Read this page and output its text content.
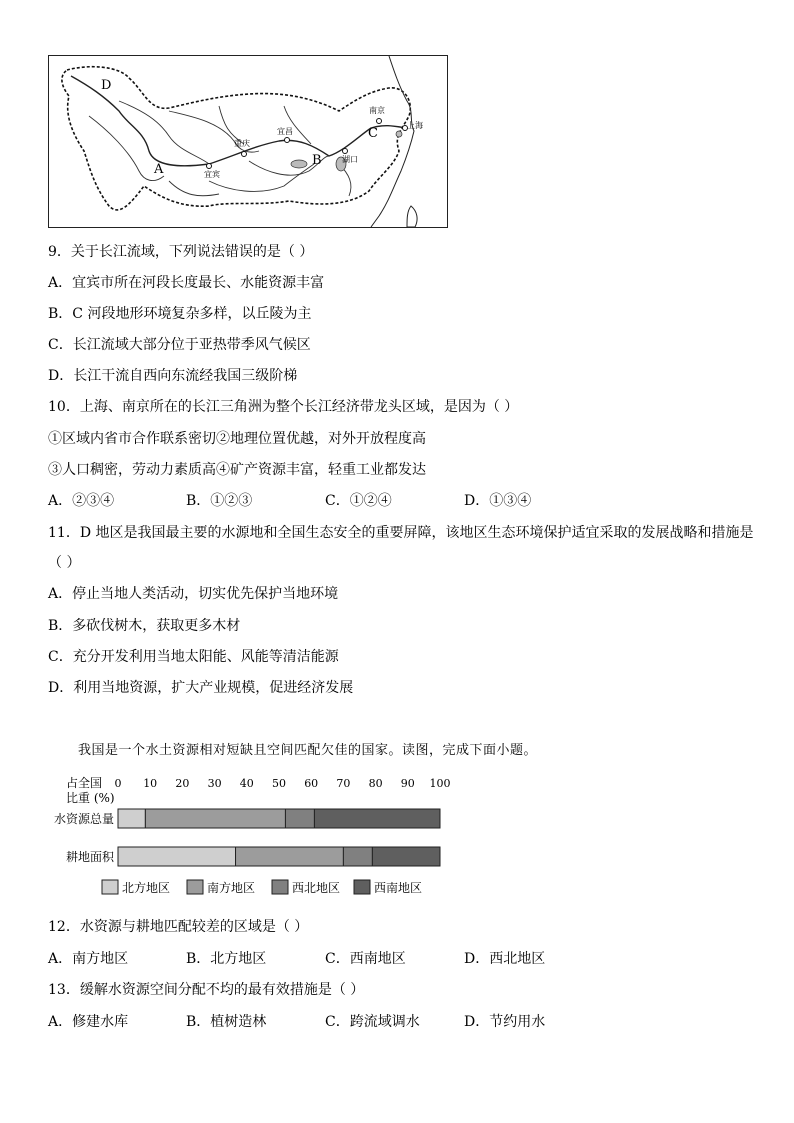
D
A
B
C
南京
上海
宜昌
重庆
宜宾
湖口
9．关于长江流域，下列说法错误的是（ ）
A．宜宾市所在河段长度最长、水能资源丰富
B．C 河段地形环境复杂多样，以丘陵为主
C．长江流域大部分位于亚热带季风气候区
D．长江干流自西向东流经我国三级阶梯
10．上海、南京所在的长江三角洲为整个长江经济带龙头区域，是因为（ ）
①区域内省市合作联系密切②地理位置优越，对外开放程度高
③人口稠密，劳动力素质高④矿产资源丰富，轻重工业都发达
A．②③④	B．①②③	C．①②④	D．①③④
11．D 地区是我国最主要的水源地和全国生态安全的重要屏障，该地区生态环境保护适宜采取的发展战略和措施是
（ ）
A．停止当地人类活动，切实优先保护当地环境
B．多砍伐树木，获取更多木材
C．充分开发利用当地太阳能、风能等清洁能源
D．利用当地资源，扩大产业规模，促进经济发展
我国是一个水土资源相对短缺且空间匹配欠佳的国家。读图，完成下面小题。
占全国
比重 (%)
0 10 20 30 40 50 60 70 80 90 100
水资源总量
耕地面积
北方地区	南方地区	西北地区	西南地区
12．水资源与耕地匹配较差的区域是（ ）
A．南方地区	B．北方地区	C．西南地区	D．西北地区
13．缓解水资源空间分配不均的最有效措施是（ ）
A．修建水库	B．植树造林	C．跨流域调水	D．节约用水
